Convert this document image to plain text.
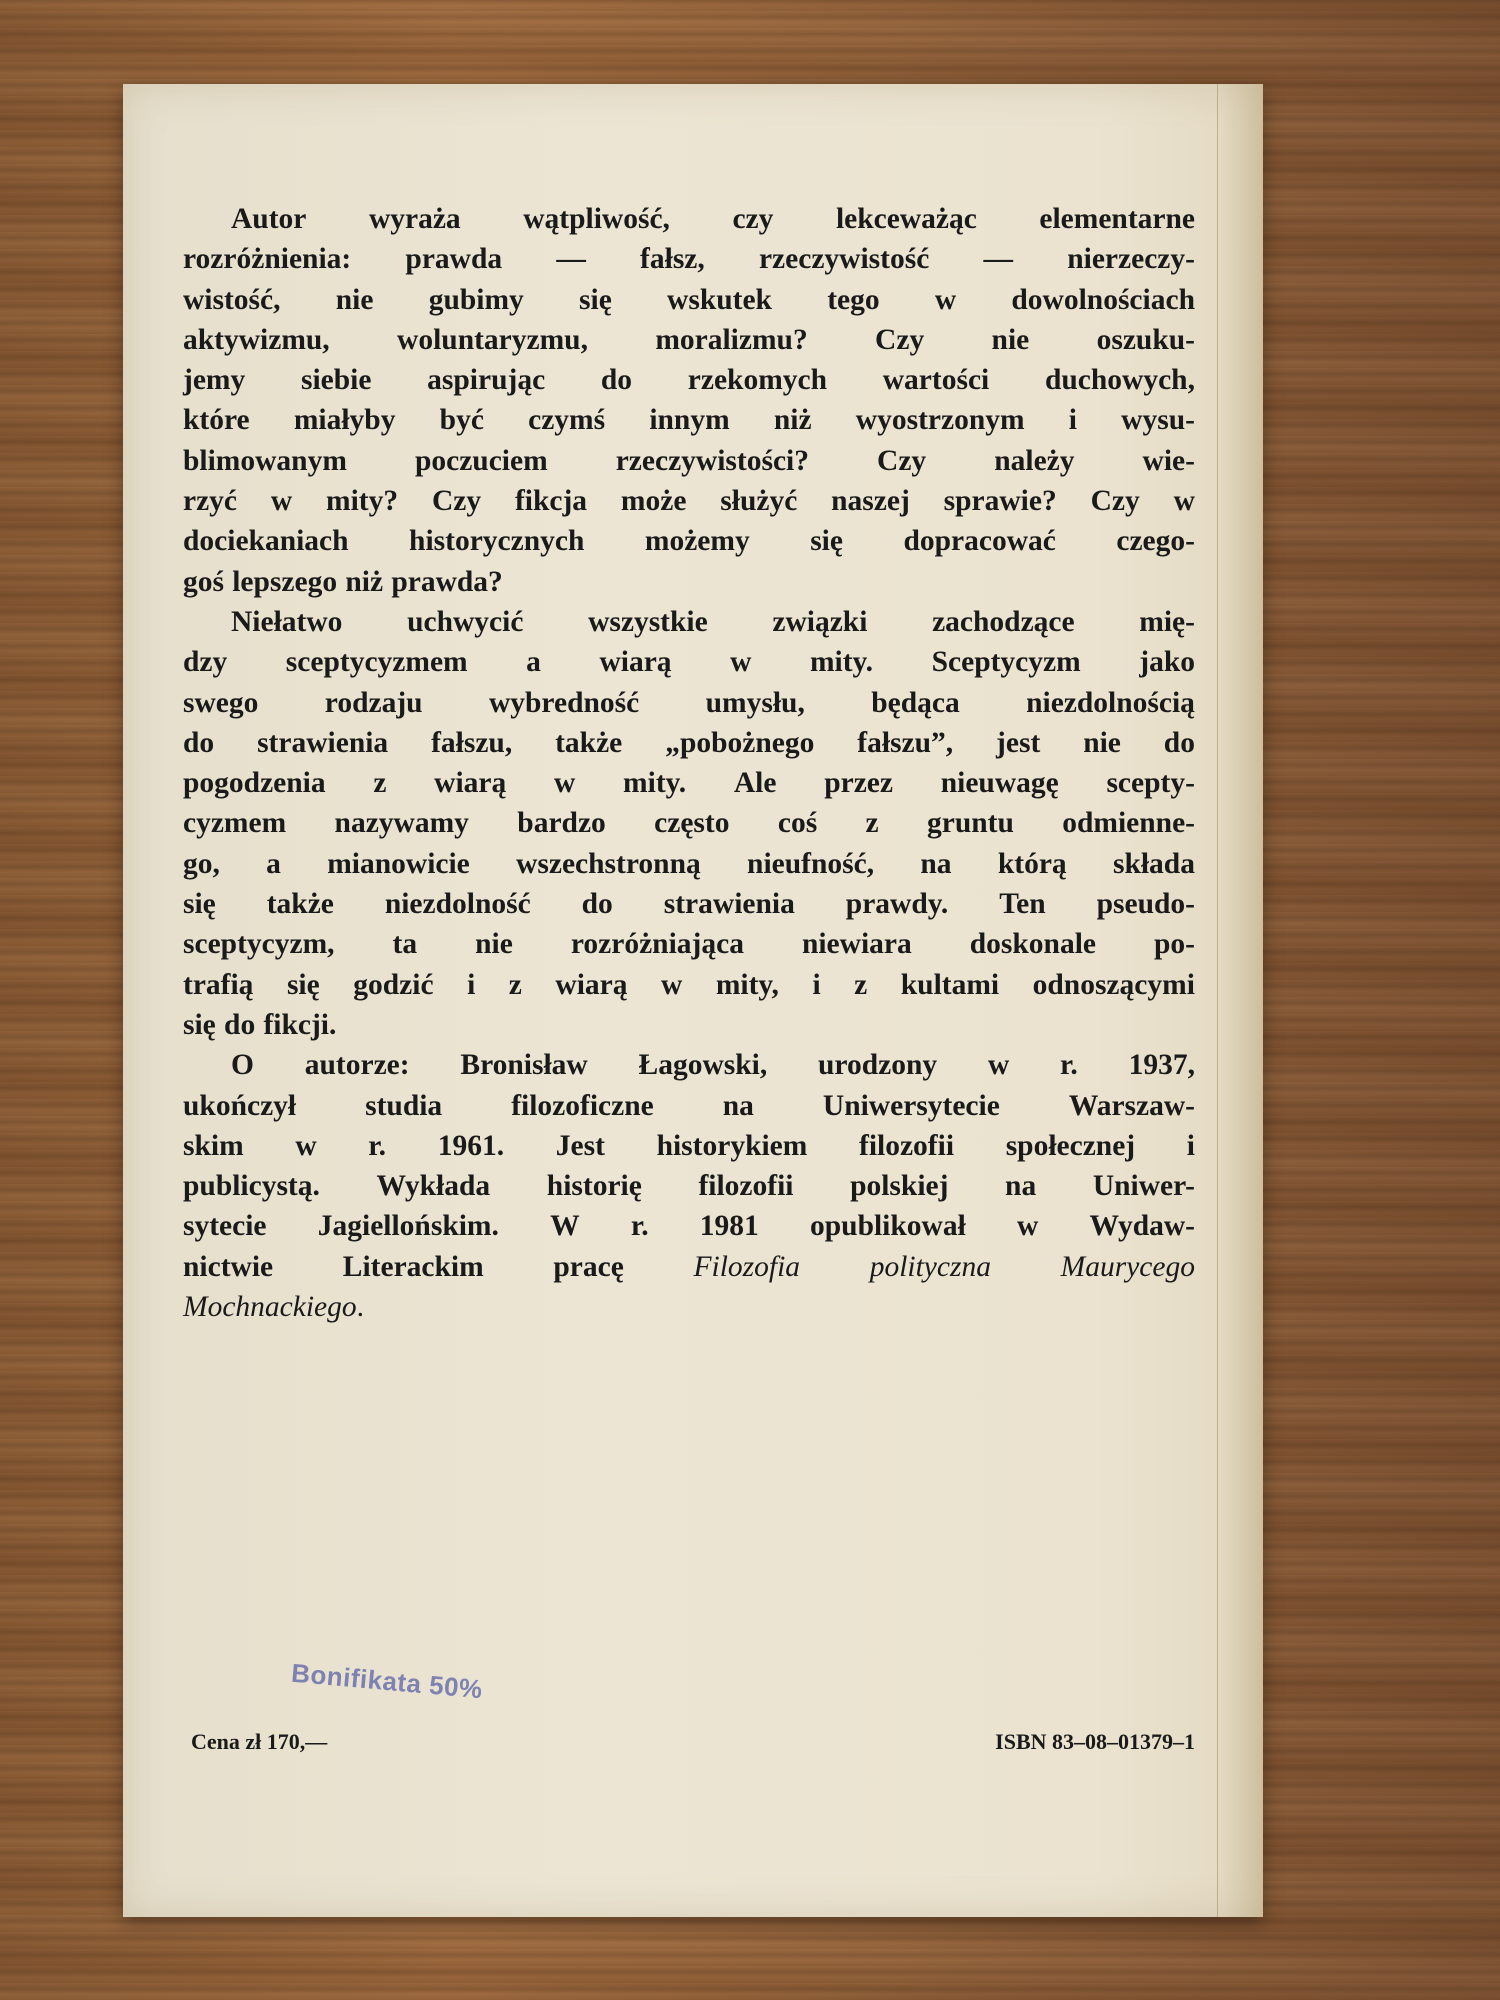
Autor wyraża wątpliwość, czy lekceważąc elementarne
rozróżnienia: prawda — fałsz, rzeczywistość — nierzeczy-
wistość, nie gubimy się wskutek tego w dowolnościach
aktywizmu, woluntaryzmu, moralizmu? Czy nie oszuku-
jemy siebie aspirując do rzekomych wartości duchowych,
które miałyby być czymś innym niż wyostrzonym i wysu-
blimowanym poczuciem rzeczywistości? Czy należy wie-
rzyć w mity? Czy fikcja może służyć naszej sprawie? Czy w
dociekaniach historycznych możemy się dopracować czego-
goś lepszego niż prawda?
Niełatwo uchwycić wszystkie związki zachodzące mię-
dzy sceptycyzmem a wiarą w mity. Sceptycyzm jako
swego rodzaju wybredność umysłu, będąca niezdolnością
do strawienia fałszu, także „pobożnego fałszu”, jest nie do
pogodzenia z wiarą w mity. Ale przez nieuwagę scepty-
cyzmem nazywamy bardzo często coś z gruntu odmienne-
go, a mianowicie wszechstronną nieufność, na którą składa
się także niezdolność do strawienia prawdy. Ten pseudo-
sceptycyzm, ta nie rozróżniająca niewiara doskonale po-
trafią się godzić i z wiarą w mity, i z kultami odnoszącymi
się do fikcji.
O autorze: Bronisław Łagowski, urodzony w r. 1937,
ukończył studia filozoficzne na Uniwersytecie Warszaw-
skim w r. 1961. Jest historykiem filozofii społecznej i
publicystą. Wykłada historię filozofii polskiej na Uniwer-
sytecie Jagiellońskim. W r. 1981 opublikował w Wydaw-
nictwie Literackim pracę Filozofia polityczna Maurycego
Mochnackiego .
Bonifikata 50%
Cena zł 170,—	ISBN 83–08–01379–1
